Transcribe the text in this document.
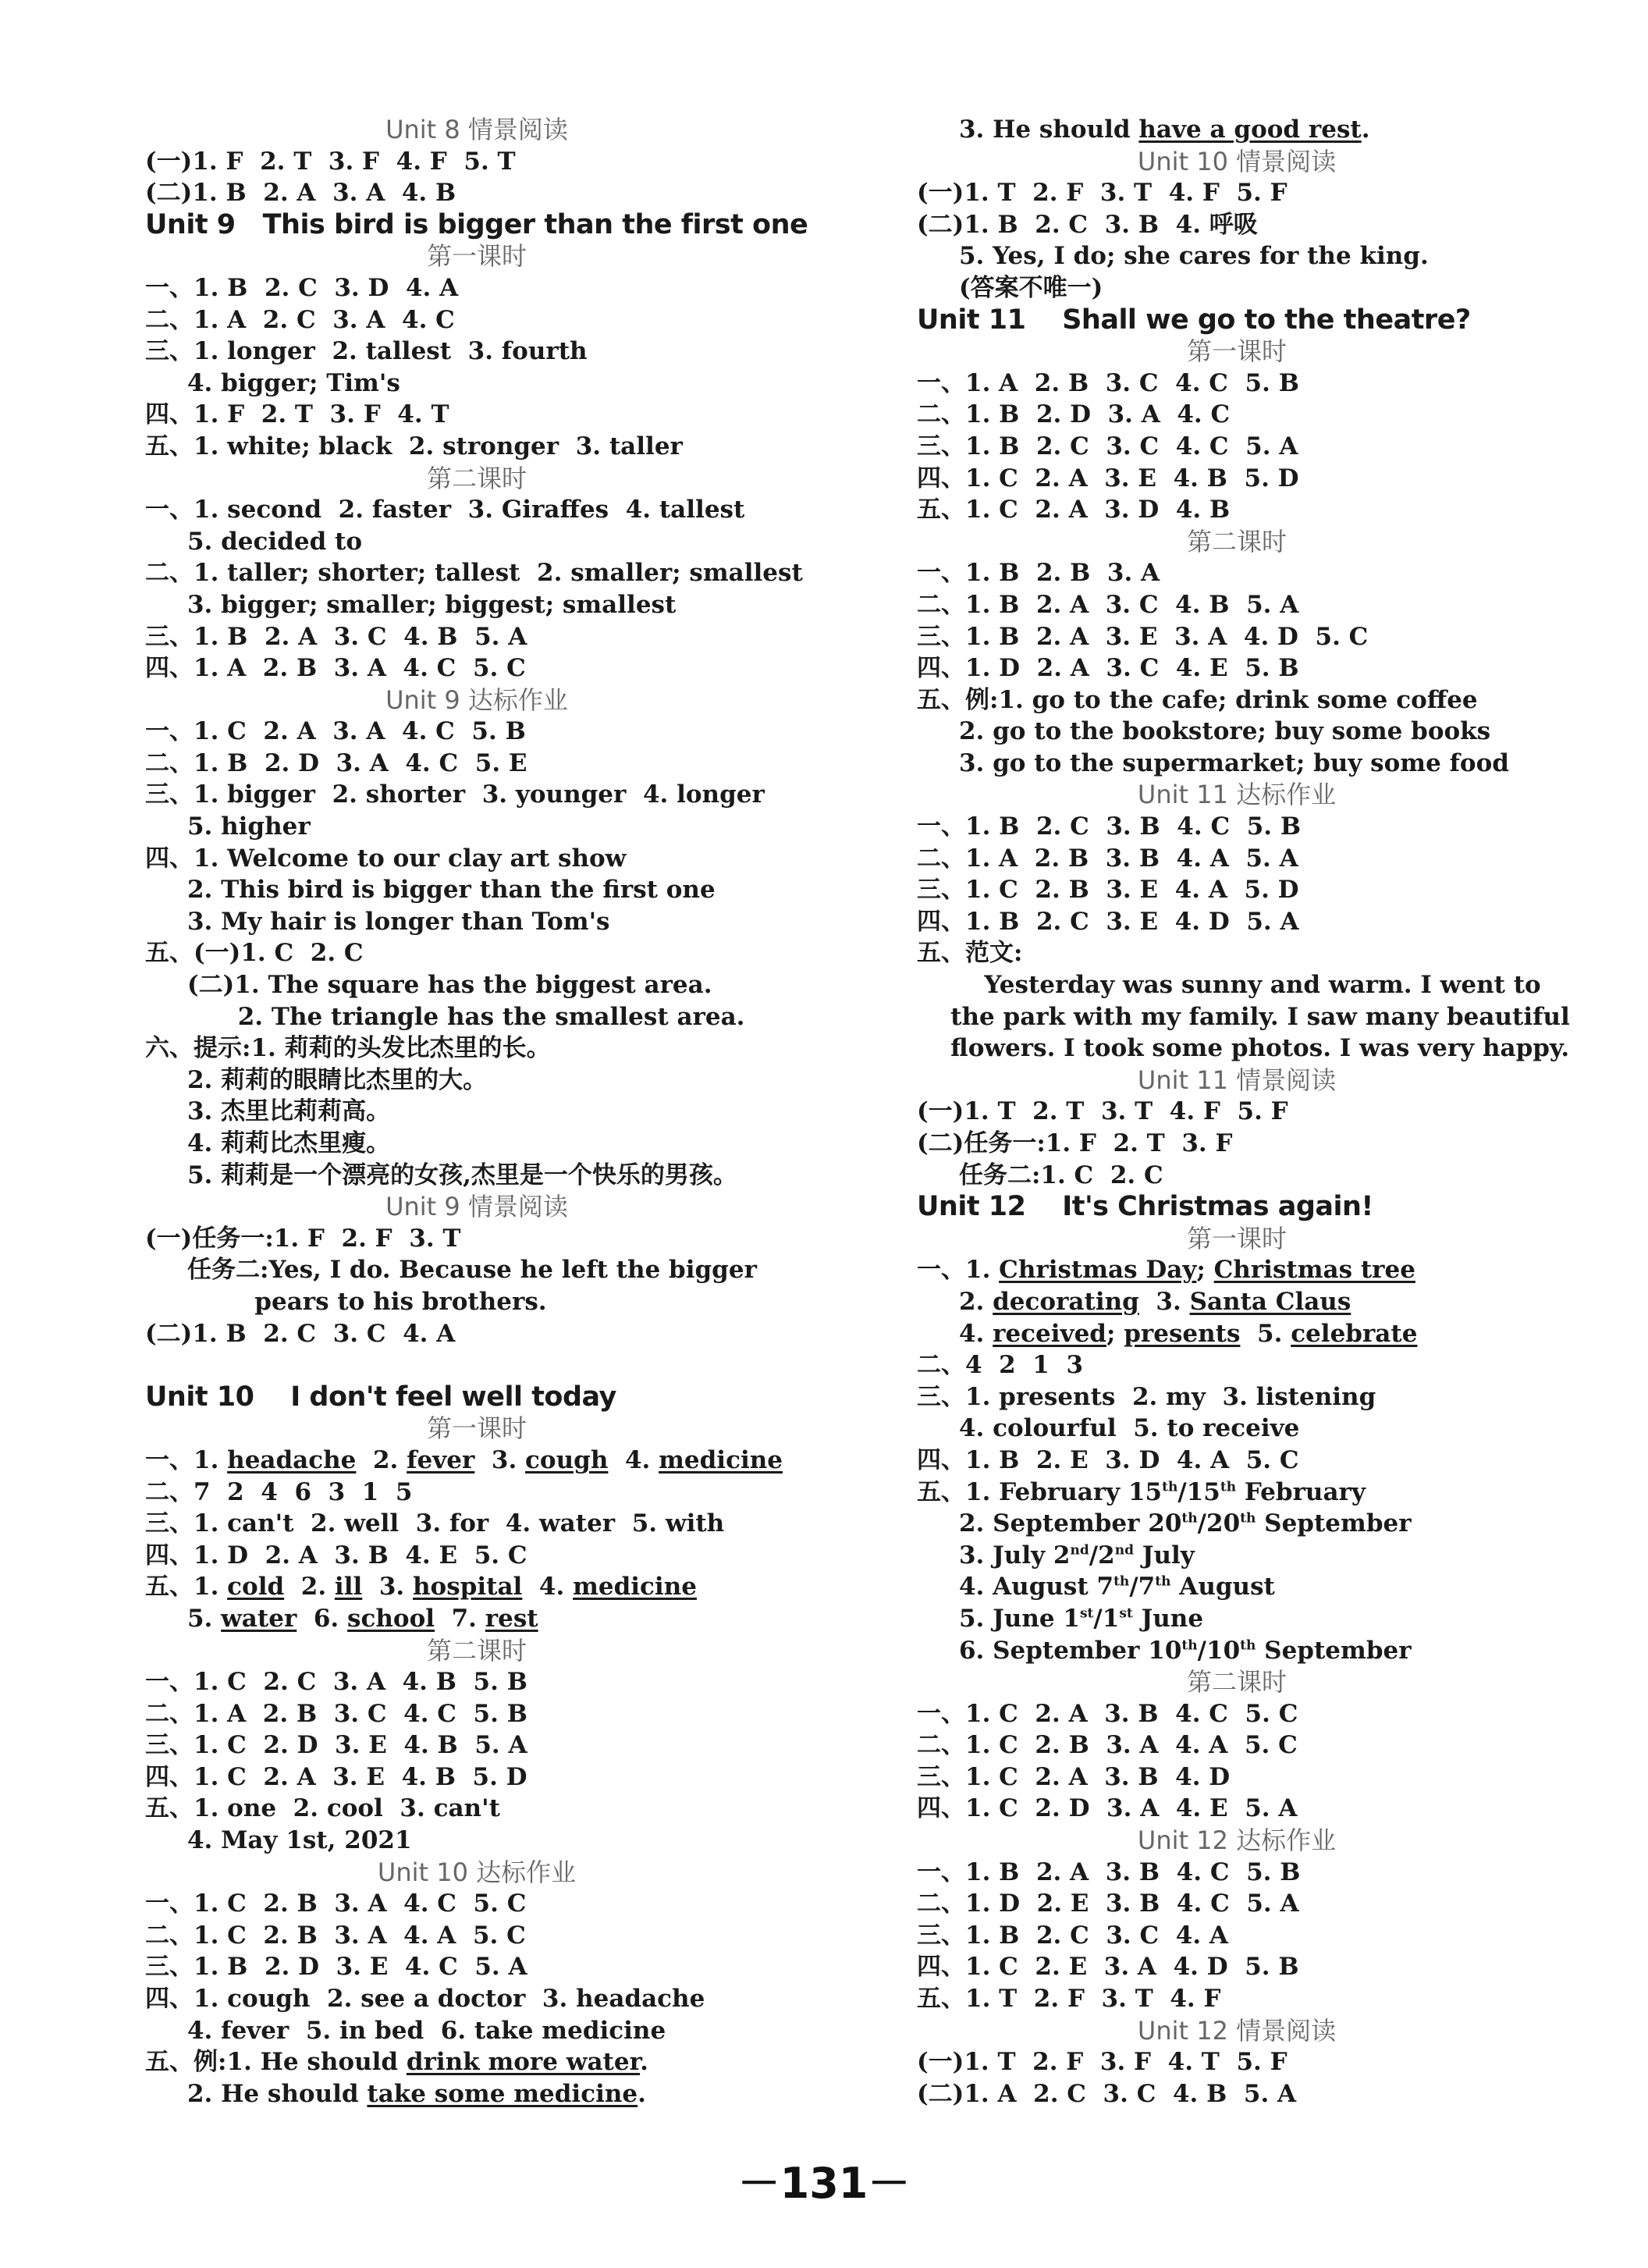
Unit 8 情景阅读
(一)1. F  2. T  3. F  4. F  5. T
(二)1. B  2. A  3. A  4. B
Unit 9   This bird is bigger than the first one
第一课时
一、1. B  2. C  3. D  4. A
二、1. A  2. C  3. A  4. C
三、1. longer  2. tallest  3. fourth
4. bigger; Tim's
四、1. F  2. T  3. F  4. T
五、1. white; black  2. stronger  3. taller
第二课时
一、1. second  2. faster  3. Giraffes  4. tallest
5. decided to
二、1. taller; shorter; tallest  2. smaller; smallest
3. bigger; smaller; biggest; smallest
三、1. B  2. A  3. C  4. B  5. A
四、1. A  2. B  3. A  4. C  5. C
Unit 9 达标作业
一、1. C  2. A  3. A  4. C  5. B
二、1. B  2. D  3. A  4. C  5. E
三、1. bigger  2. shorter  3. younger  4. longer
5. higher
四、1. Welcome to our clay art show
2. This bird is bigger than the first one
3. My hair is longer than Tom's
五、(一)1. C  2. C
(二)1. The square has the biggest area.
2. The triangle has the smallest area.
六、提示:1. 莉莉的头发比杰里的长。
2. 莉莉的眼睛比杰里的大。
3. 杰里比莉莉高。
4. 莉莉比杰里瘦。
5. 莉莉是一个漂亮的女孩,杰里是一个快乐的男孩。
Unit 9 情景阅读
(一)任务一:1. F  2. F  3. T
任务二:Yes, I do. Because he left the bigger
pears to his brothers.
(二)1. B  2. C  3. C  4. A
Unit 10    I don't feel well today
第一课时
一、1. headache  2. fever  3. cough  4. medicine
二、7  2  4  6  3  1  5
三、1. can't  2. well  3. for  4. water  5. with
四、1. D  2. A  3. B  4. E  5. C
五、1. cold  2. ill  3. hospital  4. medicine
5. water  6. school  7. rest
第二课时
一、1. C  2. C  3. A  4. B  5. B
二、1. A  2. B  3. C  4. C  5. B
三、1. C  2. D  3. E  4. B  5. A
四、1. C  2. A  3. E  4. B  5. D
五、1. one  2. cool  3. can't
4. May 1st, 2021
Unit 10 达标作业
一、1. C  2. B  3. A  4. C  5. C
二、1. C  2. B  3. A  4. A  5. C
三、1. B  2. D  3. E  4. C  5. A
四、1. cough  2. see a doctor  3. headache
4. fever  5. in bed  6. take medicine
五、例:1. He should drink more water.
2. He should take some medicine.
3. He should have a good rest.
Unit 10 情景阅读
(一)1. T  2. F  3. T  4. F  5. F
(二)1. B  2. C  3. B  4. 呼吸
5. Yes, I do; she cares for the king.
(答案不唯一)
Unit 11    Shall we go to the theatre?
第一课时
一、1. A  2. B  3. C  4. C  5. B
二、1. B  2. D  3. A  4. C
三、1. B  2. C  3. C  4. C  5. A
四、1. C  2. A  3. E  4. B  5. D
五、1. C  2. A  3. D  4. B
第二课时
一、1. B  2. B  3. A
二、1. B  2. A  3. C  4. B  5. A
三、1. B  2. A  3. E  3. A  4. D  5. C
四、1. D  2. A  3. C  4. E  5. B
五、例:1. go to the cafe; drink some coffee
2. go to the bookstore; buy some books
3. go to the supermarket; buy some food
Unit 11 达标作业
一、1. B  2. C  3. B  4. C  5. B
二、1. A  2. B  3. B  4. A  5. A
三、1. C  2. B  3. E  4. A  5. D
四、1. B  2. C  3. E  4. D  5. A
五、范文:
Yesterday was sunny and warm. I went to
the park with my family. I saw many beautiful
flowers. I took some photos. I was very happy.
Unit 11 情景阅读
(一)1. T  2. T  3. T  4. F  5. F
(二)任务一:1. F  2. T  3. F
任务二:1. C  2. C
Unit 12    It's Christmas again!
第一课时
一、1. Christmas Day; Christmas tree
2. decorating  3. Santa Claus
4. received; presents  5. celebrate
二、4  2  1  3
三、1. presents  2. my  3. listening
4. colourful  5. to receive
四、1. B  2. E  3. D  4. A  5. C
五、1. February 15th/15th February
2. September 20th/20th September
3. July 2nd/2nd July
4. August 7th/7th August
5. June 1st/1st June
6. September 10th/10th September
第二课时
一、1. C  2. A  3. B  4. C  5. C
二、1. C  2. B  3. A  4. A  5. C
三、1. C  2. A  3. B  4. D
四、1. C  2. D  3. A  4. E  5. A
Unit 12 达标作业
一、1. B  2. A  3. B  4. C  5. B
二、1. D  2. E  3. B  4. C  5. A
三、1. B  2. C  3. C  4. A
四、1. C  2. E  3. A  4. D  5. B
五、1. T  2. F  3. T  4. F
Unit 12 情景阅读
(一)1. T  2. F  3. F  4. T  5. F
(二)1. A  2. C  3. C  4. B  5. A
－131－
